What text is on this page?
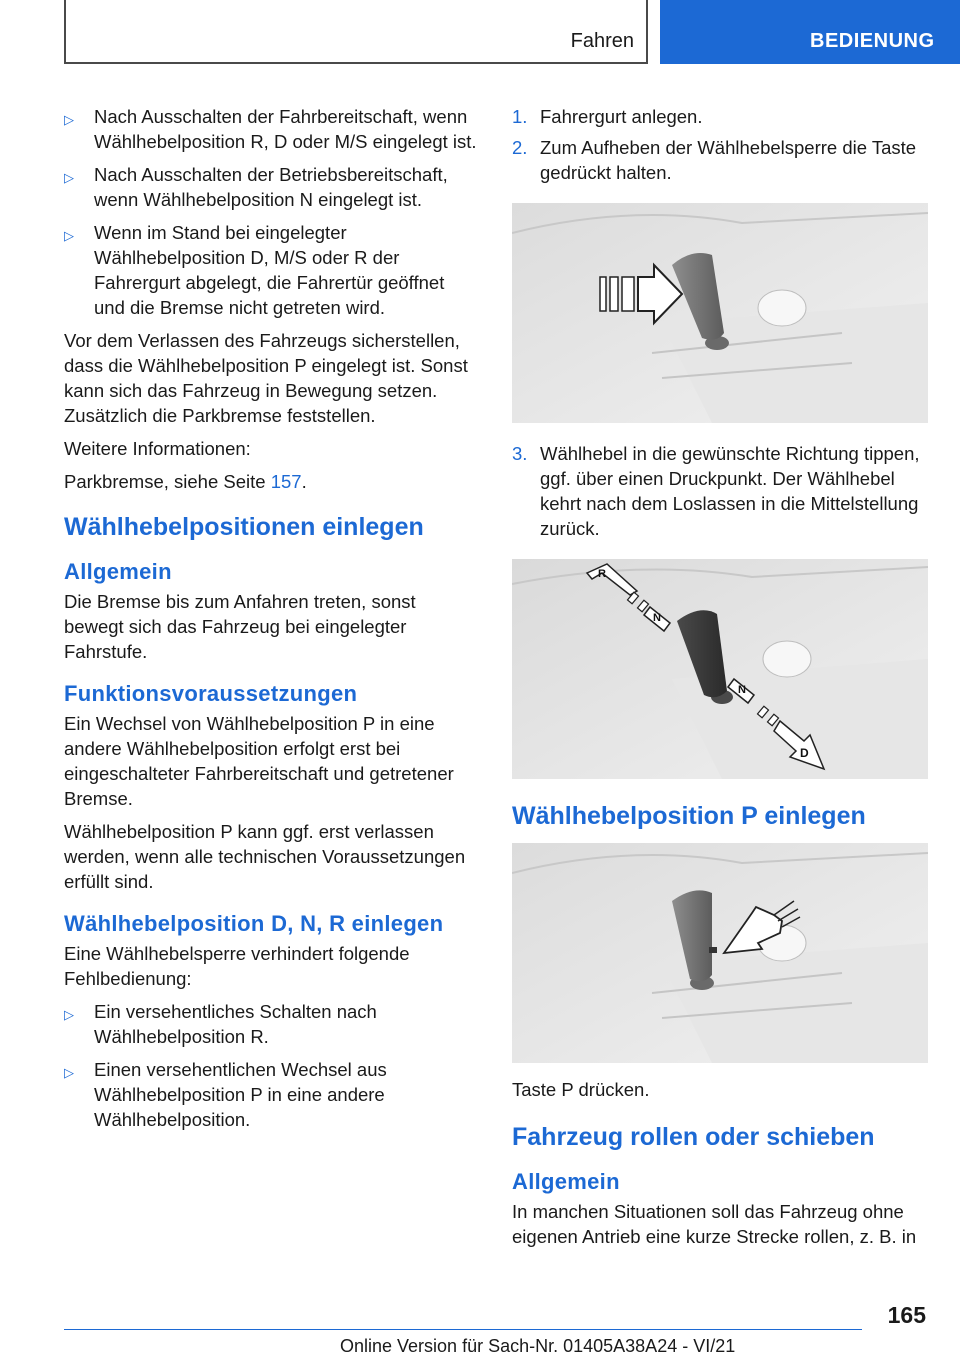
Fahren	BEDIENUNG
▷	Nach Ausschalten der Fahrbereitschaft, wenn Wählhebelposition R, D oder M/S eingelegt ist.
▷	Nach Ausschalten der Betriebsbereitschaft, wenn Wählhebelposition N eingelegt ist.
▷	Wenn im Stand bei eingelegter Wählhebelposition D, M/S oder R der Fahrergurt abgelegt, die Fahrertür geöffnet und die Bremse nicht getreten wird.

Vor dem Verlassen des Fahrzeugs sicherstellen, dass die Wählhebelposition P eingelegt ist. Sonst kann sich das Fahrzeug in Bewegung setzen. Zusätzlich die Parkbremse feststellen.

Weitere Informationen:

Parkbremse, siehe Seite 157.

Wählhebelpositionen einlegen
Allgemein

Die Bremse bis zum Anfahren treten, sonst bewegt sich das Fahrzeug bei eingelegter Fahrstufe.

Funktionsvoraussetzungen

Ein Wechsel von Wählhebelposition P in eine andere Wählhebelposition erfolgt erst bei eingeschalteter Fahrbereitschaft und getretener Bremse.

Wählhebelposition P kann ggf. erst verlassen werden, wenn alle technischen Voraussetzungen erfüllt sind.

Wählhebelposition D, N, R einlegen

Eine Wählhebelsperre verhindert folgende Fehlbedienung:

▷	Ein versehentliches Schalten nach Wählhebelposition R.
▷	Einen versehentlichen Wechsel aus Wählhebelposition P in eine andere Wählhebelposition.
1. Fahrergurt anlegen.
2. Zum Aufheben der Wählhebelsperre die Taste gedrückt halten.
3. Wählhebel in die gewünschte Richtung tippen, ggf. über einen Druckpunkt. Der Wählhebel kehrt nach dem Loslassen in die Mittelstellung zurück.
R
N
N
D
Wählhebelposition P einlegen

Taste P drücken.

Fahrzeug rollen oder schieben
Allgemein

In manchen Situationen soll das Fahrzeug ohne eigenen Antrieb eine kurze Strecke rollen, z. B. in

165
Online Version für Sach-Nr. 01405A38A24 - VI/21
